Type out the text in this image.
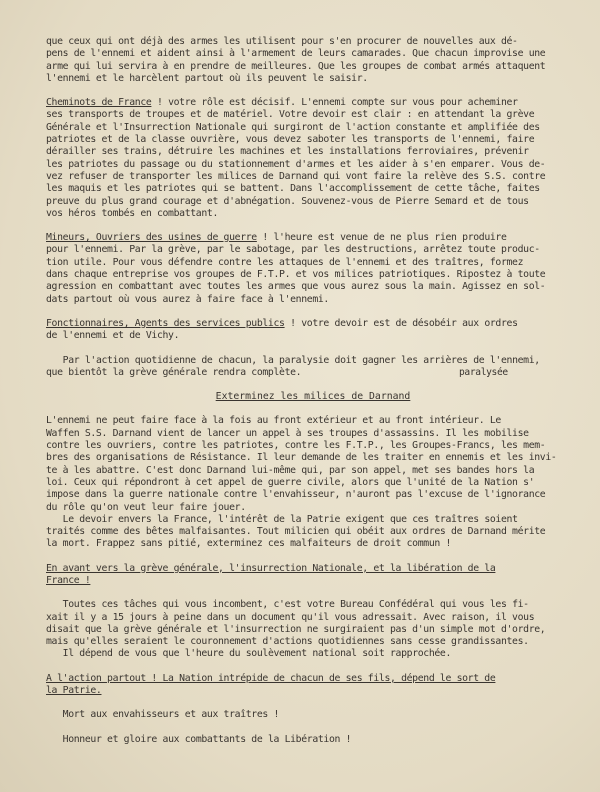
que ceux qui ont déjà des armes les utilisent pour s'en procurer de nouvelles aux dé-
pens de l'ennemi et aident ainsi à l'armement de leurs camarades. Que chacun improvise une
arme qui lui servira à en prendre de meilleures. Que les groupes de combat armés attaquent
l'ennemi et le harcèlent partout où ils peuvent le saisir.
Cheminots de France ! votre rôle est décisif. L'ennemi compte sur vous pour acheminer
ses transports de troupes et de matériel. Votre devoir est clair : en attendant la grève
Générale et l'Insurrection Nationale qui surgiront de l'action constante et amplifiée des
patriotes et de la classe ouvrière, vous devez saboter les transports de l'ennemi, faire
dérailler ses trains, détruire les machines et les installations ferroviaires, prévenir
les patriotes du passage ou du stationnement d'armes et les aider à s'en emparer. Vous de-
vez refuser de transporter les milices de Darnand qui vont faire la relève des S.S. contre
les maquis et les patriotes qui se battent. Dans l'accomplissement de cette tâche, faites
preuve du plus grand courage et d'abnégation. Souvenez-vous de Pierre Semard et de tous
vos héros tombés en combattant.
Mineurs, Ouvriers des usines de guerre ! l'heure est venue de ne plus rien produire
pour l'ennemi. Par la grève, par le sabotage, par les destructions, arrêtez toute produc-
tion utile. Pour vous défendre contre les attaques de l'ennemi et des traîtres, formez
dans chaque entreprise vos groupes de F.T.P. et vos milices patriotiques. Ripostez à toute
agression en combattant avec toutes les armes que vous aurez sous la main. Agissez en sol-
dats partout où vous aurez à faire face à l'ennemi.
Fonctionnaires, Agents des services publics ! votre devoir est de désobéir aux ordres
de l'ennemi et de Vichy.
Par l'action quotidienne de chacun, la paralysie doit gagner les arrières de l'ennemi,
que bientôt la grève générale rendra complète.	paralysée
Exterminez les milices de Darnand
L'ennemi ne peut faire face à la fois au front extérieur et au front intérieur. Le
Waffen S.S. Darnand vient de lancer un appel à ses troupes d'assassins. Il les mobilise
contre les ouvriers, contre les patriotes, contre les F.T.P., les Groupes-Francs, les mem-
bres des organisations de Résistance. Il leur demande de les traiter en ennemis et les invi-
te à les abattre. C'est donc Darnand lui-même qui, par son appel, met ses bandes hors la
loi. Ceux qui répondront à cet appel de guerre civile, alors que l'unité de la Nation s'
impose dans la guerre nationale contre l'envahisseur, n'auront pas l'excuse de l'ignorance
du rôle qu'on veut leur faire jouer.
Le devoir envers la France, l'intérêt de la Patrie exigent que ces traîtres soient
traités comme des bêtes malfaisantes. Tout milicien qui obéit aux ordres de Darnand mérite
la mort. Frappez sans pitié, exterminez ces malfaiteurs de droit commun !
En avant vers la grève générale, l'insurrection Nationale, et la libération de la
France !
Toutes ces tâches qui vous incombent, c'est votre Bureau Confédéral qui vous les fi-
xait il y a 15 jours à peine dans un document qu'il vous adressait. Avec raison, il vous
disait que la grève générale et l'insurrection ne surgiraient pas d'un simple mot d'ordre,
mais qu'elles seraient le couronnement d'actions quotidiennes sans cesse grandissantes.
Il dépend de vous que l'heure du soulèvement national soit rapprochée.
A l'action partout ! La Nation intrépide de chacun de ses fils, dépend le sort de
la Patrie.
Mort aux envahisseurs et aux traîtres !
Honneur et gloire aux combattants de la Libération !
